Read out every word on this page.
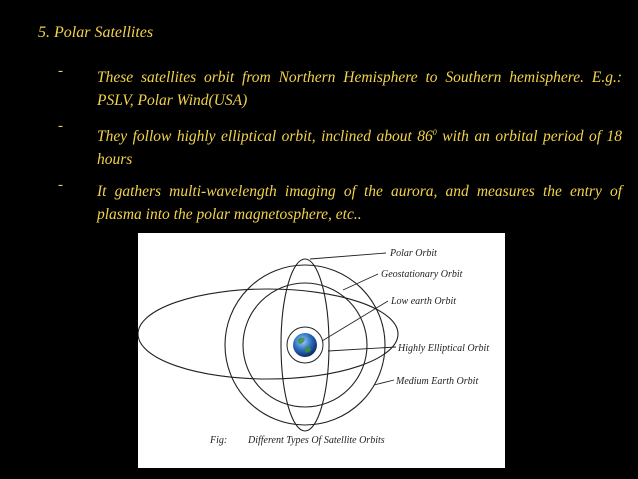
5. Polar Satellites
- These satellites orbit from Northern Hemisphere to Southern hemisphere. E.g.: PSLV, Polar Wind(USA)
-
They follow highly elliptical orbit, inclined about $86^0$ with an orbital period of 18 hours
- It gathers multi-wavelength imaging of the aurora, and measures the entry of plasma into the polar magnetosphere, etc..
Polar Orbit
Geostationary Orbit
Low earth Orbit
Highly Elliptical Orbit
Medium Earth Orbit
Fig: Different Types Of Satellite Orbits
